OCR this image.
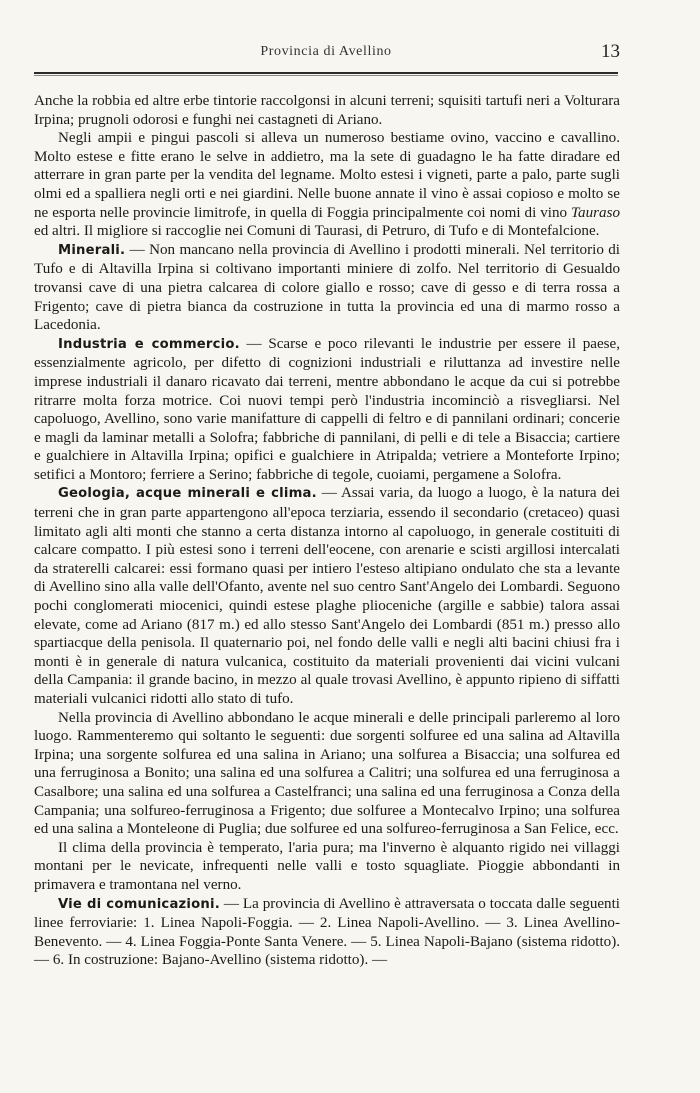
Provincia di Avellino	13

Anche la robbia ed altre erbe tintorie raccolgonsi in alcuni terreni; squisiti tartufi neri a Volturara Irpina; prugnoli odorosi e funghi nei castagneti di Ariano.

Negli ampii e pingui pascoli si alleva un numeroso bestiame ovino, vaccino e cavallino. Molto estese e fitte erano le selve in addietro, ma la sete di guadagno le ha fatte diradare ed atterrare in gran parte per la vendita del legname. Molto estesi i vigneti, parte a palo, parte sugli olmi ed a spalliera negli orti e nei giardini. Nelle buone annate il vino è assai copioso e molto se ne esporta nelle provincie limitrofe, in quella di Foggia principalmente coi nomi di vino Tauraso ed altri. Il migliore si raccoglie nei Comuni di Taurasi, di Petruro, di Tufo e di Montefalcione.

Minerali. — Non mancano nella provincia di Avellino i prodotti minerali. Nel territorio di Tufo e di Altavilla Irpina si coltivano importanti miniere di zolfo. Nel territorio di Gesualdo trovansi cave di una pietra calcarea di colore giallo e rosso; cave di gesso e di terra rossa a Frigento; cave di pietra bianca da costruzione in tutta la provincia ed una di marmo rosso a Lacedonia.

Industria e commercio. — Scarse e poco rilevanti le industrie per essere il paese, essenzialmente agricolo, per difetto di cognizioni industriali e riluttanza ad investire nelle imprese industriali il danaro ricavato dai terreni, mentre abbondano le acque da cui si potrebbe ritrarre molta forza motrice. Coi nuovi tempi però l'industria incominciò a risvegliarsi. Nel capoluogo, Avellino, sono varie manifatture di cappelli di feltro e di pannilani ordinari; concerie e magli da laminar metalli a Solofra; fabbriche di pannilani, di pelli e di tele a Bisaccia; cartiere e gualchiere in Altavilla Irpina; opifici e gualchiere in Atripalda; vetriere a Monteforte Irpino; setifici a Montoro; ferriere a Serino; fabbriche di tegole, cuoiami, pergamene a Solofra.

Geologia, acque minerali e clima. — Assai varia, da luogo a luogo, è la natura dei terreni che in gran parte appartengono all'epoca terziaria, essendo il secondario (cretaceo) quasi limitato agli alti monti che stanno a certa distanza intorno al capoluogo, in generale costituiti di calcare compatto. I più estesi sono i terreni dell'eocene, con arenarie e scisti argillosi intercalati da straterelli calcarei: essi formano quasi per intiero l'esteso altipiano ondulato che sta a levante di Avellino sino alla valle dell'Ofanto, avente nel suo centro Sant'Angelo dei Lombardi. Seguono pochi conglomerati miocenici, quindi estese plaghe plioceniche (argille e sabbie) talora assai elevate, come ad Ariano (817 m.) ed allo stesso Sant'Angelo dei Lombardi (851 m.) presso allo spartiacque della penisola. Il quaternario poi, nel fondo delle valli e negli alti bacini chiusi fra i monti è in generale di natura vulcanica, costituito da materiali provenienti dai vicini vulcani della Campania: il grande bacino, in mezzo al quale trovasi Avellino, è appunto ripieno di siffatti materiali vulcanici ridotti allo stato di tufo.

Nella provincia di Avellino abbondano le acque minerali e delle principali parleremo al loro luogo. Rammenteremo qui soltanto le seguenti: due sorgenti solfuree ed una salina ad Altavilla Irpina; una sorgente solfurea ed una salina in Ariano; una solfurea a Bisaccia; una solfurea ed una ferruginosa a Bonito; una salina ed una solfurea a Calitri; una solfurea ed una ferruginosa a Casalbore; una salina ed una solfurea a Castelfranci; una salina ed una ferruginosa a Conza della Campania; una solfureo-ferruginosa a Frigento; due solfuree a Montecalvo Irpino; una solfurea ed una salina a Monteleone di Puglia; due solfuree ed una solfureo-ferruginosa a San Felice, ecc.

Il clima della provincia è temperato, l'aria pura; ma l'inverno è alquanto rigido nei villaggi montani per le nevicate, infrequenti nelle valli e tosto squagliate. Pioggie abbondanti in primavera e tramontana nel verno.

Vie di comunicazioni. — La provincia di Avellino è attraversata o toccata dalle seguenti linee ferroviarie: 1. Linea Napoli-Foggia. — 2. Linea Napoli-Avellino. — 3. Linea Avellino-Benevento. — 4. Linea Foggia-Ponte Santa Venere. — 5. Linea Napoli-Bajano (sistema ridotto). — 6. In costruzione: Bajano-Avellino (sistema ridotto). —
